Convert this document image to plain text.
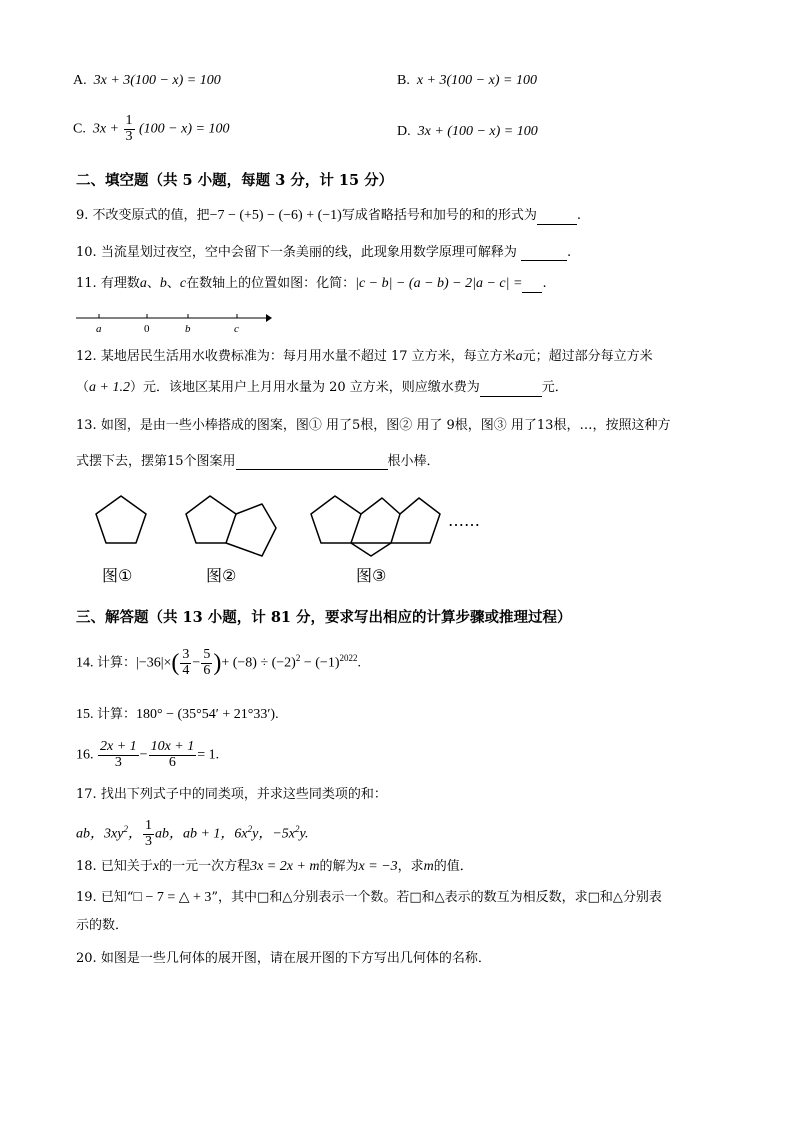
A. 3x + 3(100 − x) = 100	B. x + 3(100 − x) = 100
C. $3x + \frac{1}{3} (100 - x) = 100$	D. 3x + (100 − x) = 100
二、填空题（共 5 小题，每题 3 分，计 15 分）
9. 不改变原式的值，把−7 − (+5) − (−6) + (−1)写成省略括号和加号的和的形式为	.
10. 当流星划过夜空，空中会留下一条美丽的线，此现象用数学原理可解释为	.
11. 有理数a、b、c在数轴上的位置如图：化简：|c − b| − (a − b) − 2|a − c| = .
a	0	b	c
12. 某地居民生活用水收费标准为：每月用水量不超过 17 立方米，每立方米a元；超过部分每立方米
（a + 1.2）元．该地区某用户上月用水量为 20 立方米，则应缴水费为	元．
13. 如图，是由一些小棒搭成的图案，图① 用了5根，图② 用了 9根，图③ 用了13根，…，按照这种方
式摆下去，摆第15个图案用	根小棒．
……
图①	图②	图③
三、解答题（共 13 小题，计 81 分，要求写出相应的计算步骤或推理过程）
14. 计算：$|-36|\times( \frac{3}{4} - \frac{5}{6}$ )+ $(-8) \div (-2)^2 - (-1)^{2022}$.
15. 计算：180° − (35°54′ + 21°33′).
16. $\frac{2x + 1}{3} - \frac{10x + 1}{6} = 1$.
17. 找出下列式子中的同类项，并求这些同类项的和：
ab，$3xy^2$， $\frac{1}{3}$ ab，ab + 1，$6x^2y$，$-5x^2y$.
18. 已知关于x的一元一次方程3x = 2x + m的解为x = −3，求m的值．
19. 已知“□ − 7 = △ + 3”，其中□和△分别表示一个数。若□和△表示的数互为相反数，求□和△分别表
示的数．
20. 如图是一些几何体的展开图，请在展开图的下方写出几何体的名称．
